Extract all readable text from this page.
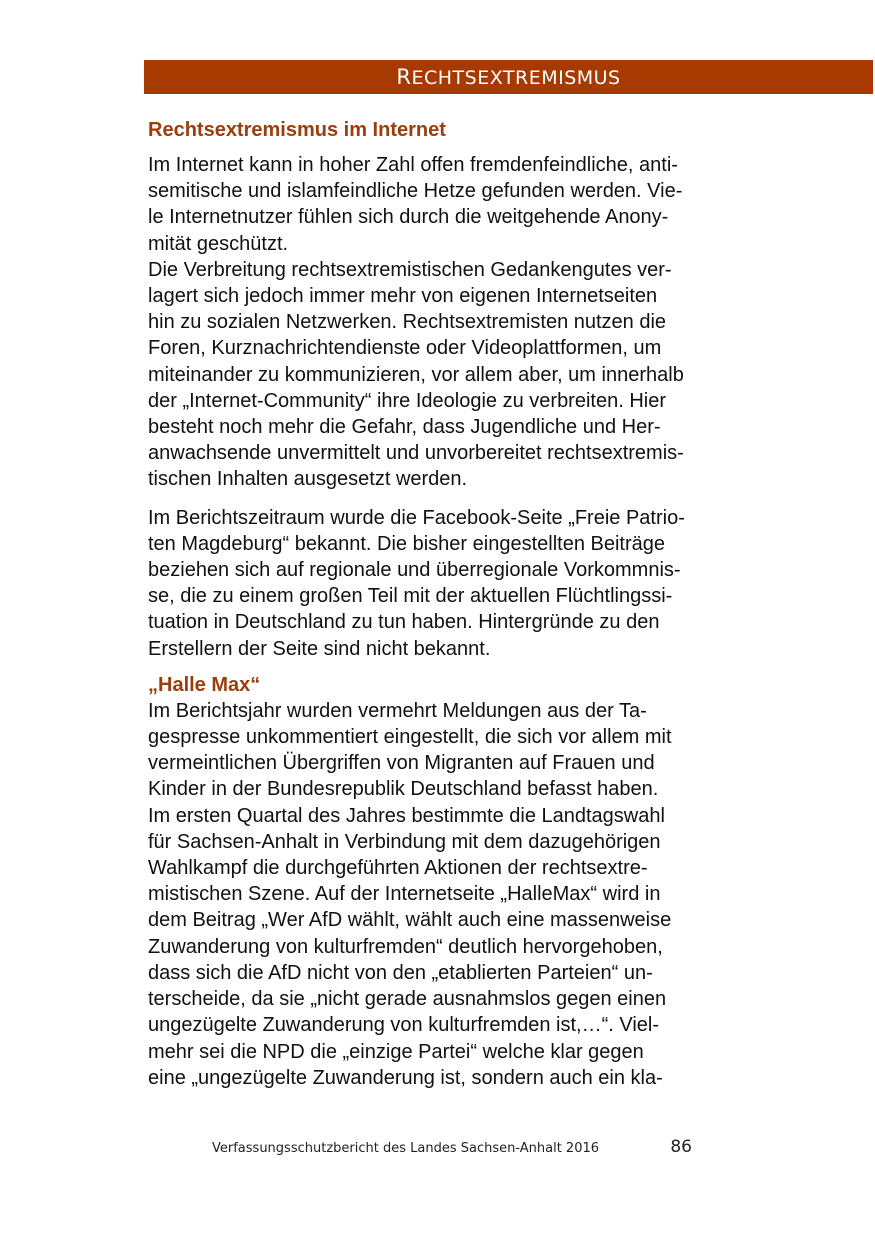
RECHTSEXTREMISMUS
Rechtsextremismus im Internet

Im Internet kann in hoher Zahl offen fremdenfeindliche, anti-
semitische und islamfeindliche Hetze gefunden werden. Vie-
le Internetnutzer fühlen sich durch die weitgehende Anony-
mität geschützt.
Die Verbreitung rechtsextremistischen Gedankengutes ver-
lagert sich jedoch immer mehr von eigenen Internetseiten
hin zu sozialen Netzwerken. Rechtsextremisten nutzen die
Foren, Kurznachrichtendienste oder Videoplattformen, um
miteinander zu kommunizieren, vor allem aber, um innerhalb
der „Internet-Community“ ihre Ideologie zu verbreiten. Hier
besteht noch mehr die Gefahr, dass Jugendliche und Her-
anwachsende unvermittelt und unvorbereitet rechtsextremis-
tischen Inhalten ausgesetzt werden.

Im Berichtszeitraum wurde die Facebook-Seite „Freie Patrio-
ten Magdeburg“ bekannt. Die bisher eingestellten Beiträge
beziehen sich auf regionale und überregionale Vorkommnis-
se, die zu einem großen Teil mit der aktuellen Flüchtlingssi-
tuation in Deutschland zu tun haben. Hintergründe zu den
Erstellern der Seite sind nicht bekannt.

„Halle Max“

Im Berichtsjahr wurden vermehrt Meldungen aus der Ta-
gespresse unkommentiert eingestellt, die sich vor allem mit
vermeintlichen Übergriffen von Migranten auf Frauen und
Kinder in der Bundesrepublik Deutschland befasst haben.
Im ersten Quartal des Jahres bestimmte die Landtagswahl
für Sachsen-Anhalt in Verbindung mit dem dazugehörigen
Wahlkampf die durchgeführten Aktionen der rechtsextre-
mistischen Szene. Auf der Internetseite „HalleMax“ wird in
dem Beitrag „Wer AfD wählt, wählt auch eine massenweise
Zuwanderung von kulturfremden“ deutlich hervorgehoben,
dass sich die AfD nicht von den „etablierten Parteien“ un-
terscheide, da sie „nicht gerade ausnahmslos gegen einen
ungezügelte Zuwanderung von kulturfremden ist,…“. Viel-
mehr sei die NPD die „einzige Partei“ welche klar gegen
eine „ungezügelte Zuwanderung ist, sondern auch ein kla-

Verfassungsschutzbericht des Landes Sachsen-Anhalt 2016	86
